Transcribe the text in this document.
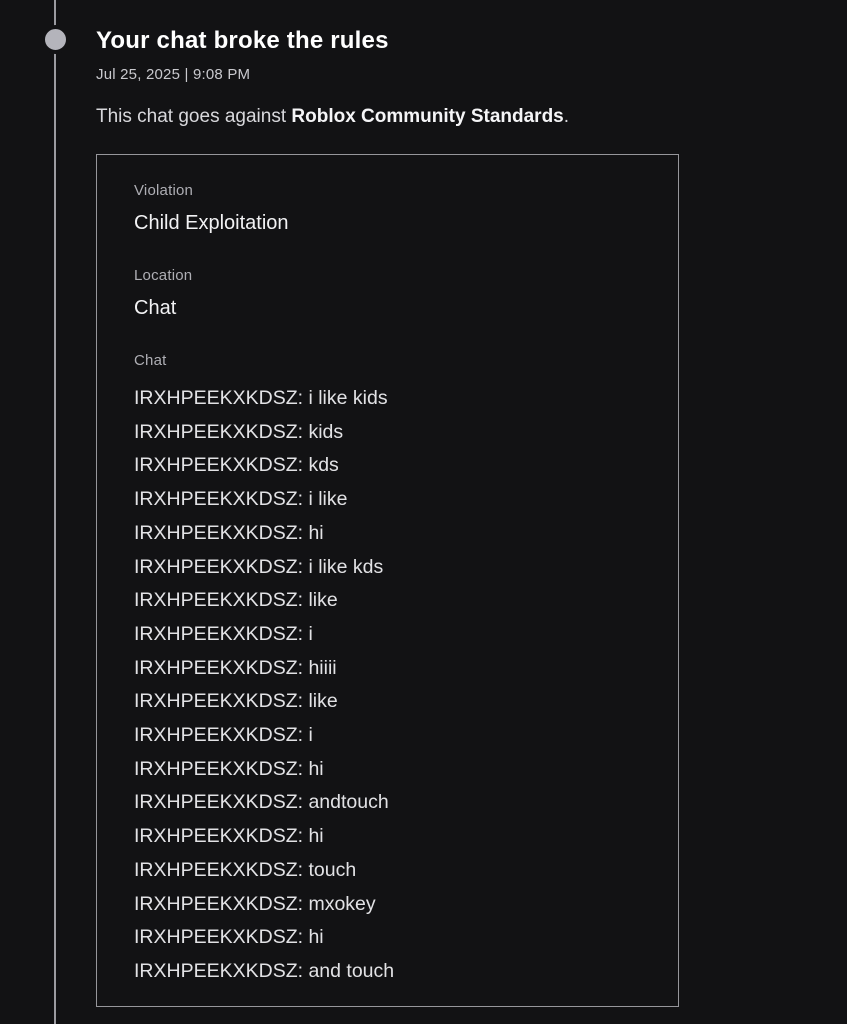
Your chat broke the rules
Jul 25, 2025 | 9:08 PM
This chat goes against Roblox Community Standards.
Violation
Child Exploitation
Location
Chat
Chat
IRXHPEEKXKDSZ: i like kids
IRXHPEEKXKDSZ: kids
IRXHPEEKXKDSZ: kds
IRXHPEEKXKDSZ: i like
IRXHPEEKXKDSZ: hi
IRXHPEEKXKDSZ: i like kds
IRXHPEEKXKDSZ: like
IRXHPEEKXKDSZ: i
IRXHPEEKXKDSZ: hiiii
IRXHPEEKXKDSZ: like
IRXHPEEKXKDSZ: i
IRXHPEEKXKDSZ: hi
IRXHPEEKXKDSZ: andtouch
IRXHPEEKXKDSZ: hi
IRXHPEEKXKDSZ: touch
IRXHPEEKXKDSZ: mxokey
IRXHPEEKXKDSZ: hi
IRXHPEEKXKDSZ: and touch
